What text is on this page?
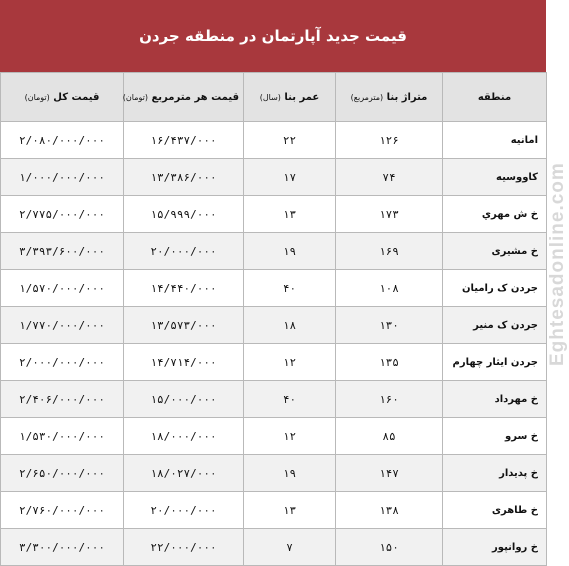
قیمت جدید آپارتمان در منطقه جردن
منطقه	متراژ بنا (مترمربع)	عمر بنا (سال)	قیمت هر مترمربع (تومان)	قیمت کل (تومان)
امانیه	۱۲۶	۲۲	۱۶/۴۳۷/۰۰۰	۲/۰۸۰/۰۰۰/۰۰۰
کاووسیه	۷۴	۱۷	۱۳/۳۸۶/۰۰۰	۱/۰۰۰/۰۰۰/۰۰۰
خ ش مهري	۱۷۳	۱۳	۱۵/۹۹۹/۰۰۰	۲/۷۷۵/۰۰۰/۰۰۰
خ مشیری	۱۶۹	۱۹	۲۰/۰۰۰/۰۰۰	۳/۳۹۳/۶۰۰/۰۰۰
جردن ک رامیان	۱۰۸	۴۰	۱۴/۴۴۰/۰۰۰	۱/۵۷۰/۰۰۰/۰۰۰
جردن ک منیر	۱۳۰	۱۸	۱۳/۵۷۳/۰۰۰	۱/۷۷۰/۰۰۰/۰۰۰
جردن ایثار چهارم	۱۳۵	۱۲	۱۴/۷۱۴/۰۰۰	۲/۰۰۰/۰۰۰/۰۰۰
خ مهرداد	۱۶۰	۴۰	۱۵/۰۰۰/۰۰۰	۲/۴۰۶/۰۰۰/۰۰۰
خ سرو	۸۵	۱۲	۱۸/۰۰۰/۰۰۰	۱/۵۳۰/۰۰۰/۰۰۰
خ پدیدار	۱۴۷	۱۹	۱۸/۰۲۷/۰۰۰	۲/۶۵۰/۰۰۰/۰۰۰
خ طاهری	۱۳۸	۱۳	۲۰/۰۰۰/۰۰۰	۲/۷۶۰/۰۰۰/۰۰۰
خ روانپور	۱۵۰	۷	۲۲/۰۰۰/۰۰۰	۳/۳۰۰/۰۰۰/۰۰۰
Eghtesadonline.com
